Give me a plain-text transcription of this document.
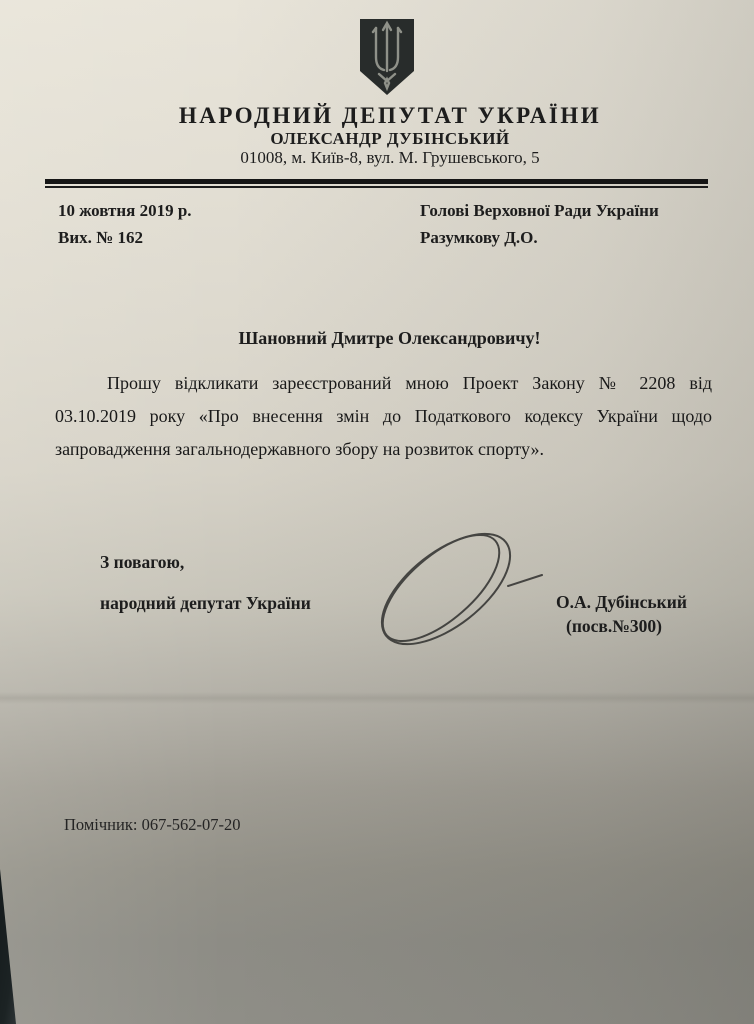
НАРОДНИЙ ДЕПУТАТ УКРАЇНИ
ОЛЕКСАНДР ДУБІНСЬКИЙ
01008, м. Київ-8, вул. М. Грушевського, 5
10 жовтня 2019 р.
Вих. № 162
Голові Верховної Ради України
Разумкову Д.О.
Шановний Дмитре Олександровичу!
Прошу відкликати зареєстрований мною Проект Закону № 2208 від
03.10.2019 року «Про внесення змін до Податкового кодексу України щодо
запровадження загальнодержавного збору на розвиток спорту».
З повагою,
народний депутат України	О.А. Дубінський
(посв.№300)
Помічник: 067-562-07-20
